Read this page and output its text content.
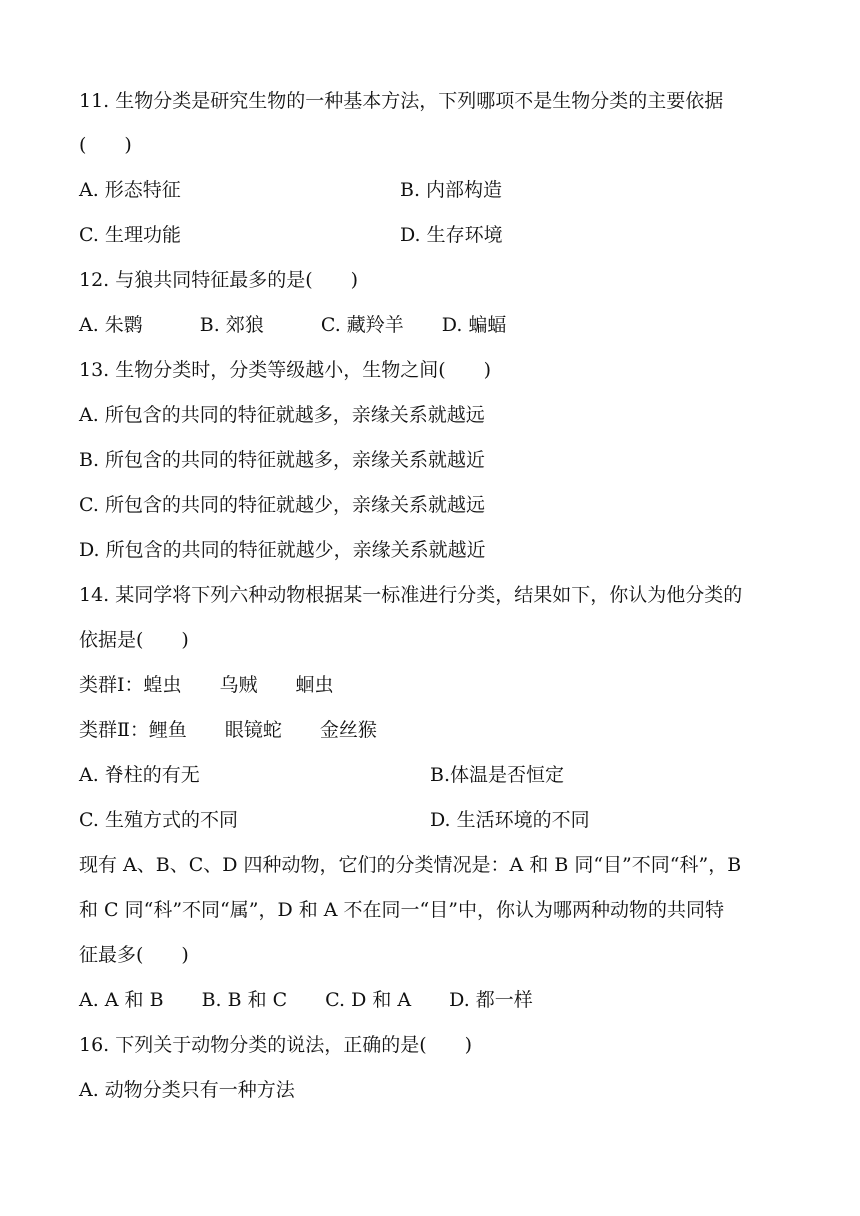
11. 生物分类是研究生物的一种基本方法，下列哪项不是生物分类的主要依据

(　　)

A. 形态特征	B. 内部构造

C. 生理功能	D. 生存环境

12. 与狼共同特征最多的是(　　)

A. 朱鹮　　　B. 郊狼　　　C. 藏羚羊　　D. 蝙蝠

13. 生物分类时，分类等级越小，生物之间(　　)

A. 所包含的共同的特征就越多，亲缘关系就越远

B. 所包含的共同的特征就越多，亲缘关系就越近

C. 所包含的共同的特征就越少，亲缘关系就越远

D. 所包含的共同的特征就越少，亲缘关系就越近

14. 某同学将下列六种动物根据某一标准进行分类，结果如下，你认为他分类的

依据是(　　)

类群Ⅰ：蝗虫　　乌贼　　蛔虫

类群Ⅱ：鲤鱼　　眼镜蛇　　金丝猴

A. 脊柱的有无	B.体温是否恒定

C. 生殖方式的不同	D. 生活环境的不同

现有 A、B、C、D 四种动物，它们的分类情况是：A 和 B 同“目”不同“科”，B

和 C 同“科”不同“属”，D 和 A 不在同一“目”中，你认为哪两种动物的共同特

征最多(　　)

A. A 和 B　　B. B 和 C　　C. D 和 A　　D. 都一样

16. 下列关于动物分类的说法，正确的是(　　)

A. 动物分类只有一种方法
